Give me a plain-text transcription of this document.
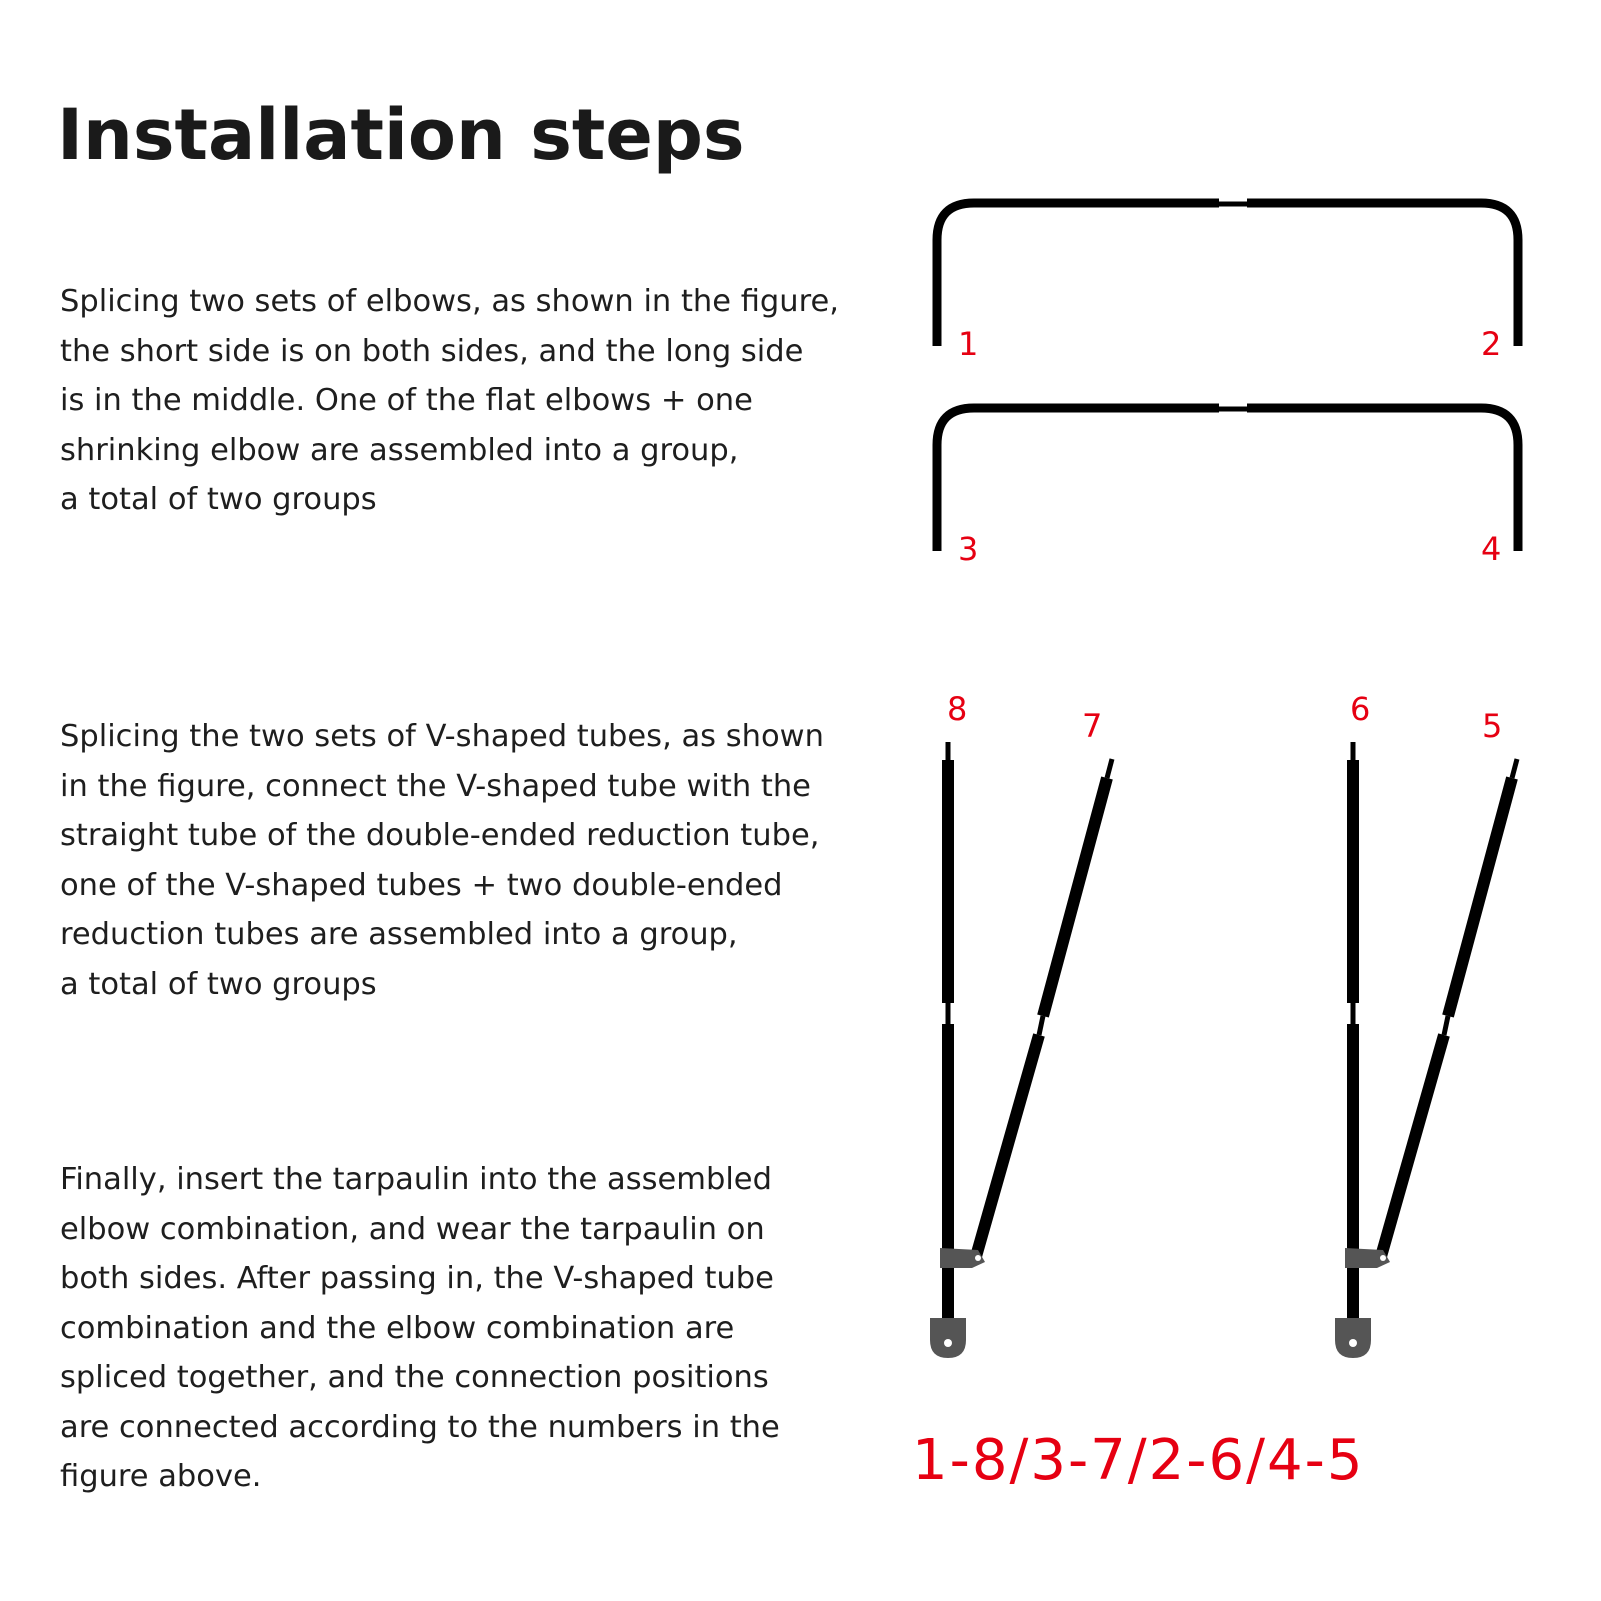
Installation steps
Splicing two sets of elbows, as shown in the figure,
the short side is on both sides, and the long side
is in the middle. One of the flat elbows + one
shrinking elbow are assembled into a group,
a total of two groups
Splicing the two sets of V-shaped tubes, as shown
in the figure, connect the V-shaped tube with the
straight tube of the double-ended reduction tube,
one of the V-shaped tubes + two double-ended
reduction tubes are assembled into a group,
a total of two groups
Finally, insert the tarpaulin into the assembled
elbow combination, and wear the tarpaulin on
both sides. After passing in, the V-shaped tube
combination and the elbow combination are
spliced together, and the connection positions
are connected according to the numbers in the
figure above.
1	2
3	4
5
6
7
8

1-8/3-7/2-6/4-5
